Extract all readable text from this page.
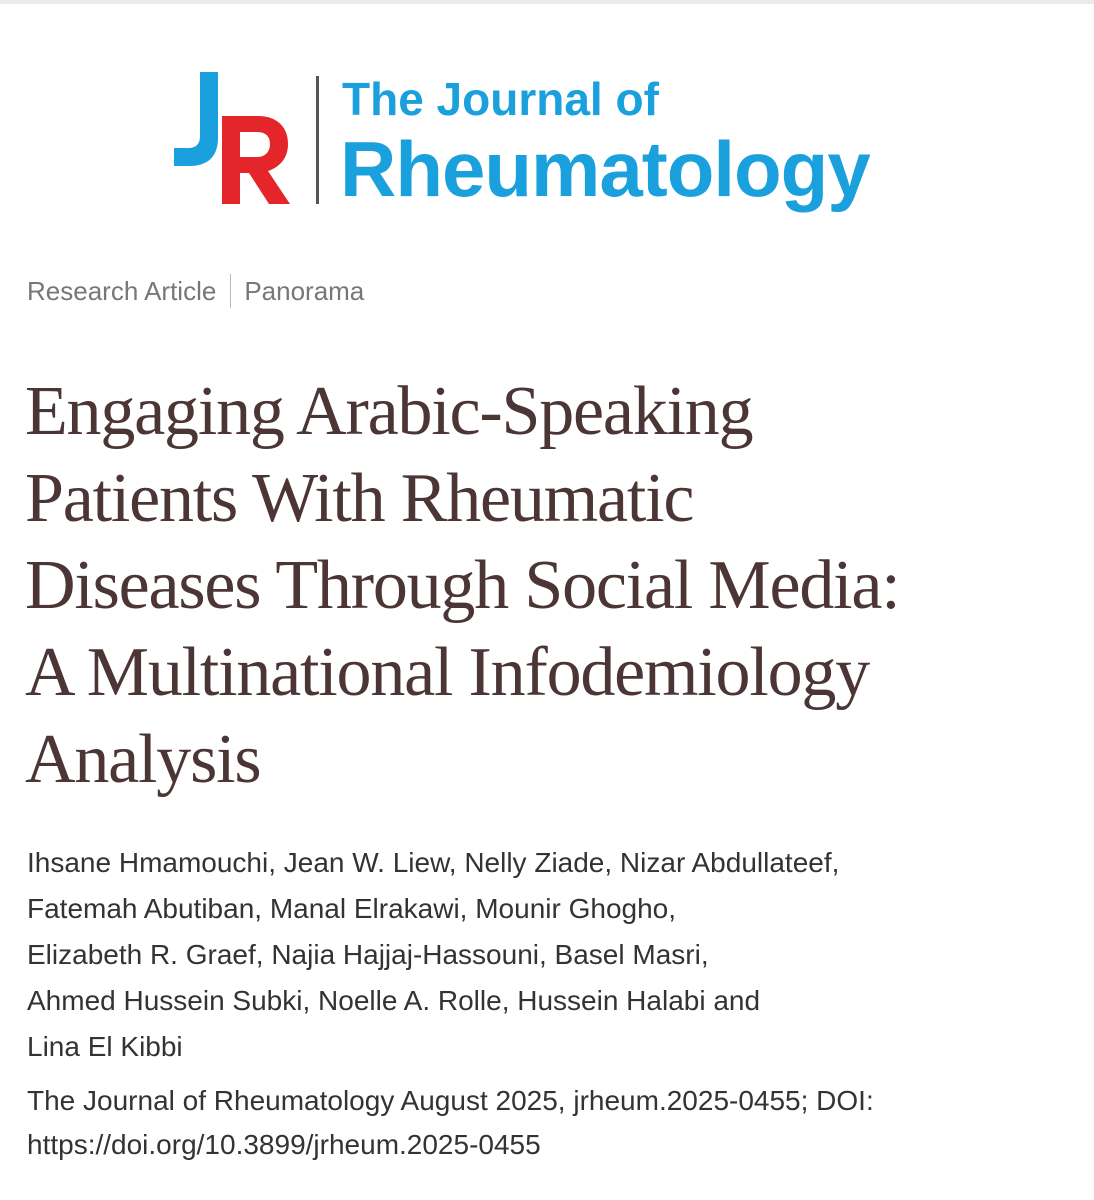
The Journal of
Rheumatology
Research Article Panorama
Engaging Arabic-Speaking
Patients With Rheumatic
Diseases Through Social Media:
A Multinational Infodemiology
Analysis
Ihsane Hmamouchi, Jean W. Liew, Nelly Ziade, Nizar Abdullateef,
Fatemah Abutiban, Manal Elrakawi, Mounir Ghogho,
Elizabeth R. Graef, Najia Hajjaj-Hassouni, Basel Masri,
Ahmed Hussein Subki, Noelle A. Rolle, Hussein Halabi and
Lina El Kibbi
The Journal of Rheumatology August 2025, jrheum.2025-0455; DOI:
https://doi.org/10.3899/jrheum.2025-0455
